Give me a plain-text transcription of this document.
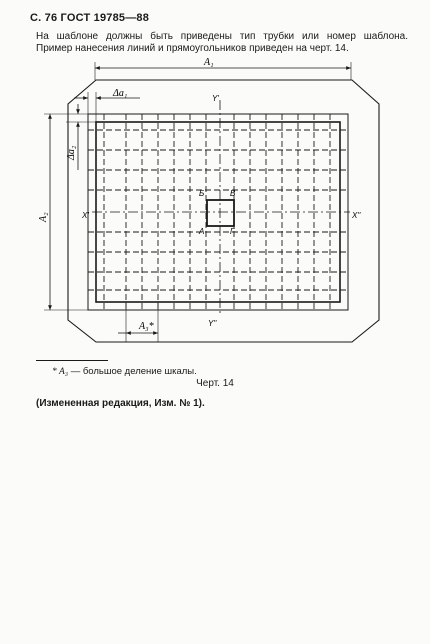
С. 76 ГОСТ 19785—88
На шаблоне должны быть приведены тип трубки или номер шаблона.
Пример нанесения линий и прямоугольников приведен на черт. 14.
A₁
Δa₁
A₂
Δa₂
A₃*
Y'
Y''
X'	X''
Б	В
А	Г
* A₃ — большое деление шкалы.
Черт. 14
(Измененная редакция, Изм. № 1).
